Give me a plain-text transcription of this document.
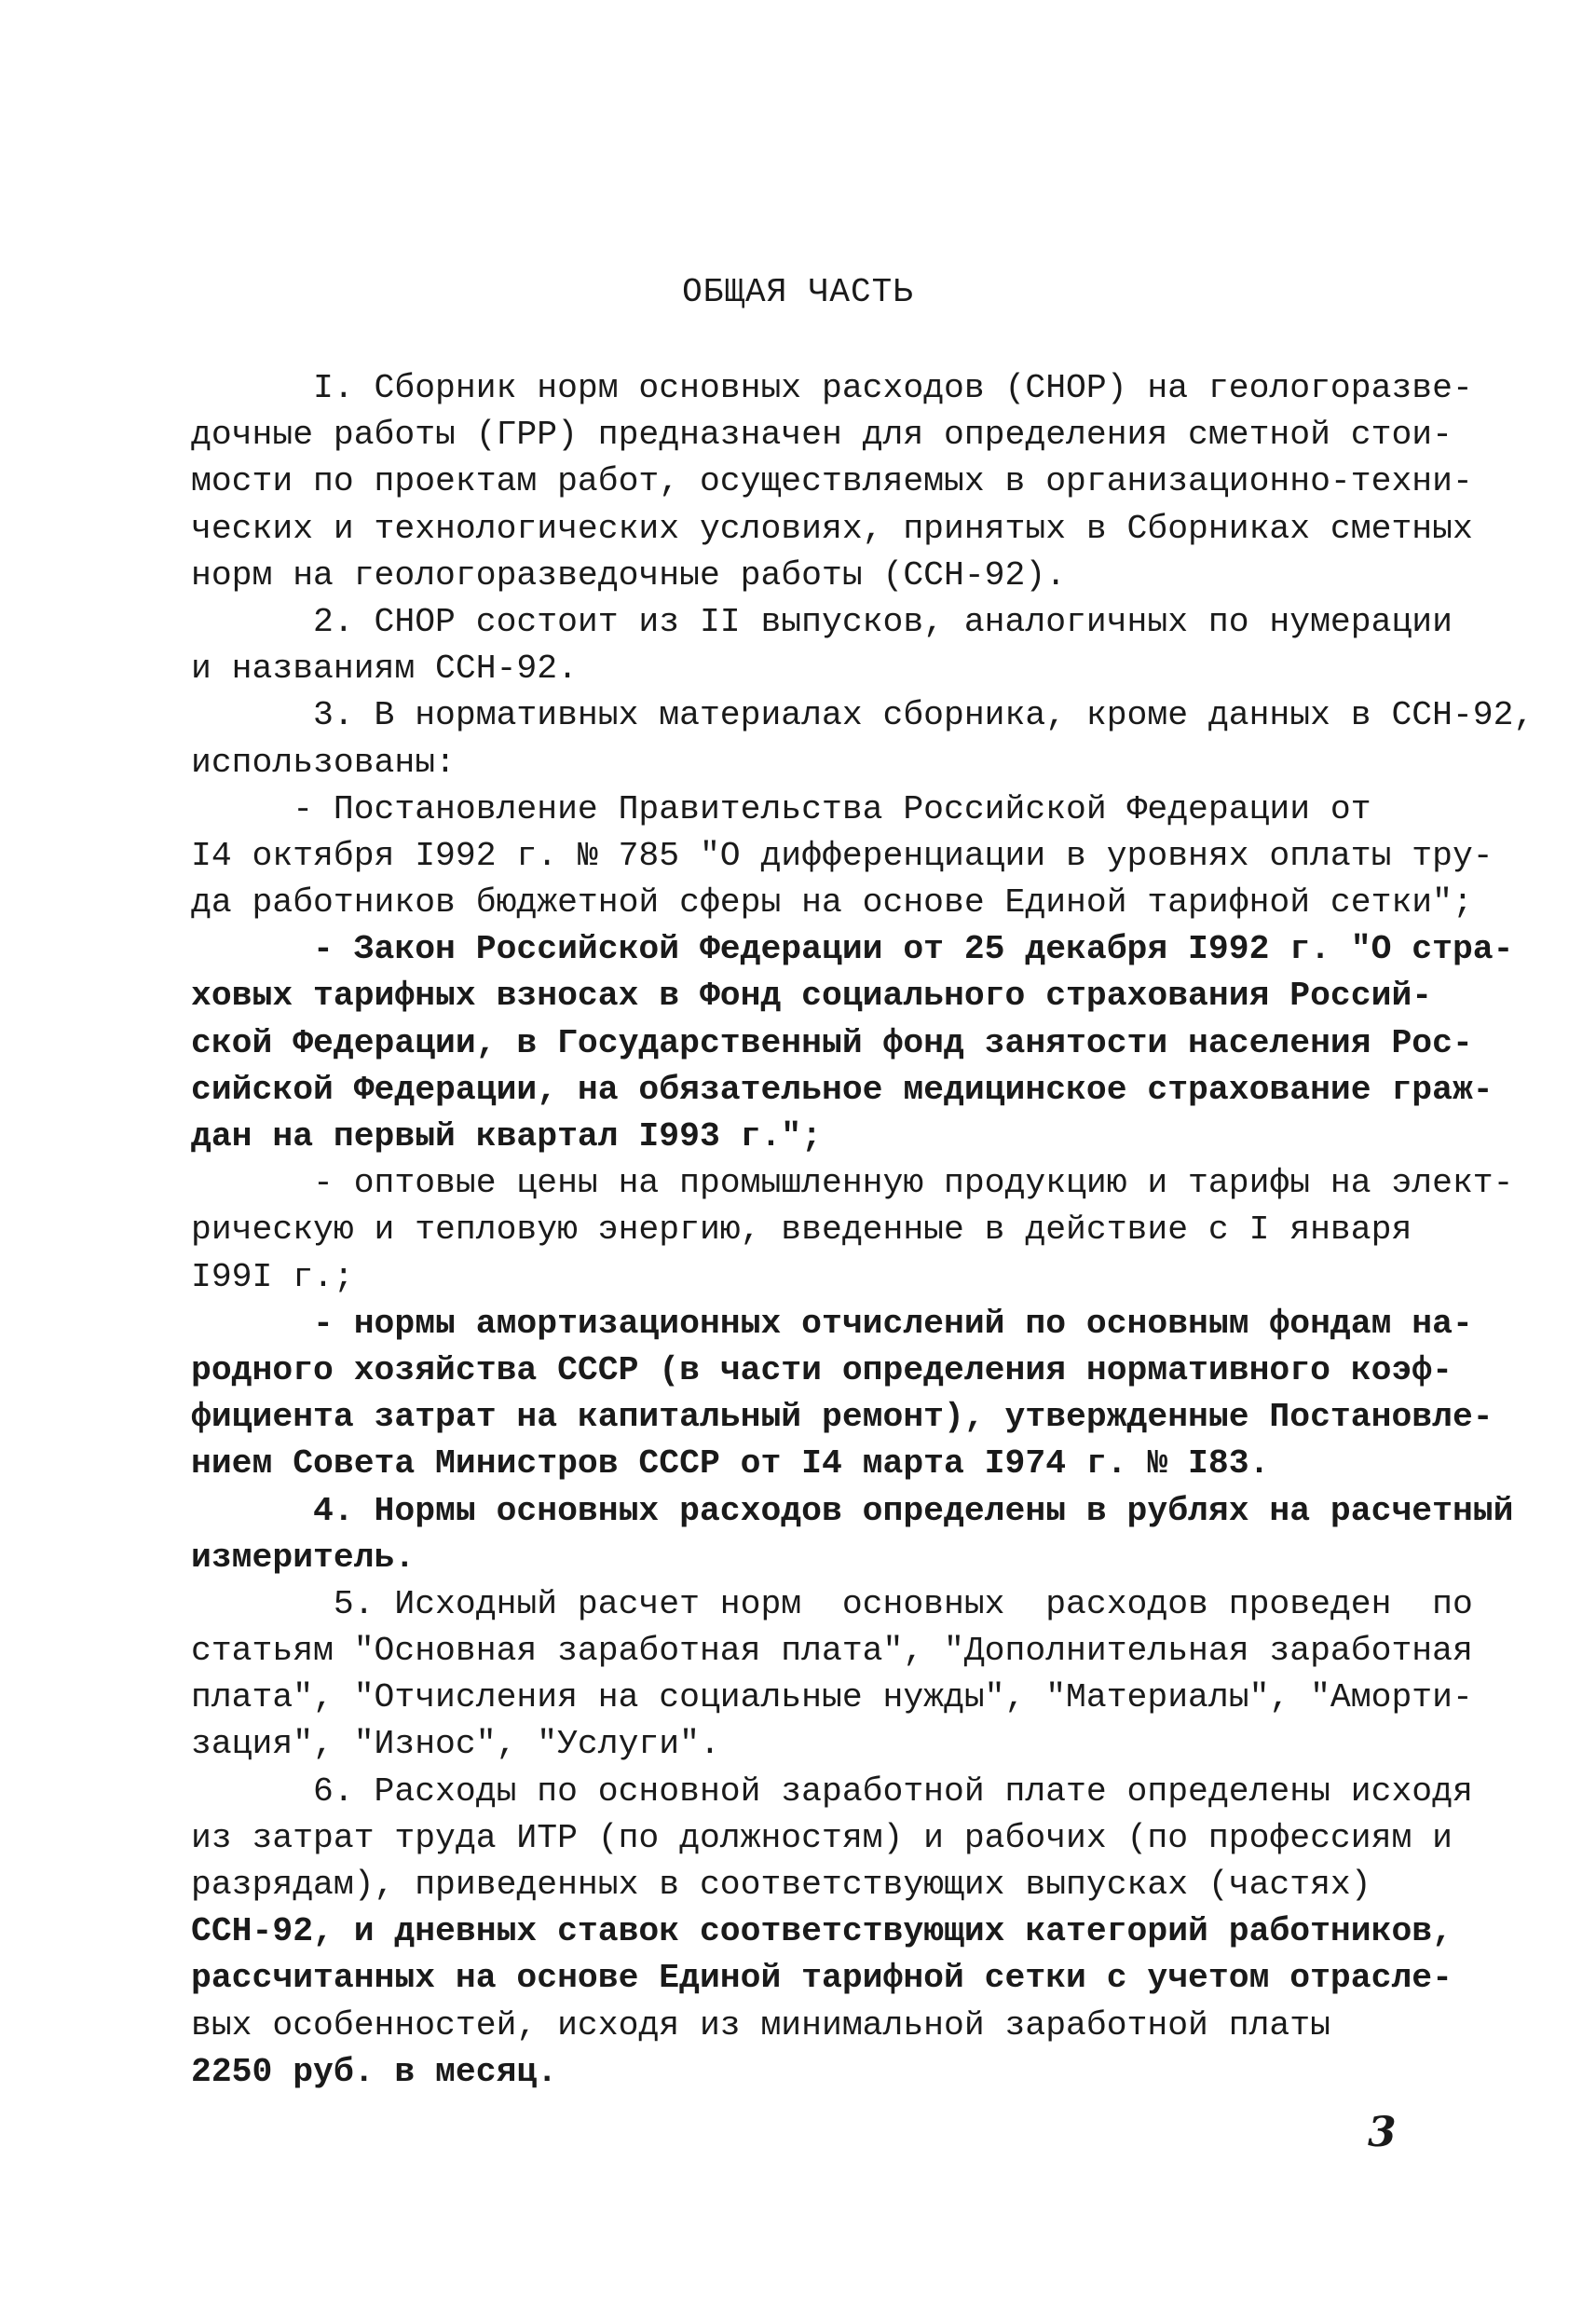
ОБЩАЯ ЧАСТЬ
I. Сборник норм основных расходов (СНОР) на геологоразве-
дочные работы (ГРР) предназначен для определения сметной стои-
мости по проектам работ, осуществляемых в организационно-техни-
ческих и технологических условиях, принятых в Сборниках сметных
норм на геологоразведочные работы (ССН-92).
2. СНОР состоит из II выпусков, аналогичных по нумерации
и названиям ССН-92.
3. В нормативных материалах сборника, кроме данных в ССН-92,
использованы:
- Постановление Правительства Российской Федерации от
I4 октября I992 г. № 785 "О дифференциации в уровнях оплаты тру-
да работников бюджетной сферы на основе Единой тарифной сетки";
- Закон Российской Федерации от 25 декабря I992 г. "О стра-
ховых тарифных взносах в Фонд социального страхования Россий-
ской Федерации, в Государственный фонд занятости населения Рос-
сийской Федерации, на обязательное медицинское страхование граж-
дан на первый квартал I993 г.";
- оптовые цены на промышленную продукцию и тарифы на элект-
рическую и тепловую энергию, введенные в действие с I января
I99I г.;
- нормы амортизационных отчислений по основным фондам на-
родного хозяйства СССР (в части определения нормативного коэф-
фициента затрат на капитальный ремонт), утвержденные Постановле-
нием Совета Министров СССР от I4 марта I974 г. № I83.
4. Нормы основных расходов определены в рублях на расчетный
измеритель.
5. Исходный расчет норм  основных  расходов проведен  по
статьям "Основная заработная плата", "Дополнительная заработная
плата", "Отчисления на социальные нужды", "Материалы", "Аморти-
зация", "Износ", "Услуги".
6. Расходы по основной заработной плате определены исходя
из затрат труда ИТР (по должностям) и рабочих (по профессиям и
разрядам), приведенных в соответствующих выпусках (частях)
ССН-92, и дневных ставок соответствующих категорий работников,
рассчитанных на основе Единой тарифной сетки с учетом отрасле-
вых особенностей, исходя из минимальной заработной платы
2250 руб. в месяц.
3
